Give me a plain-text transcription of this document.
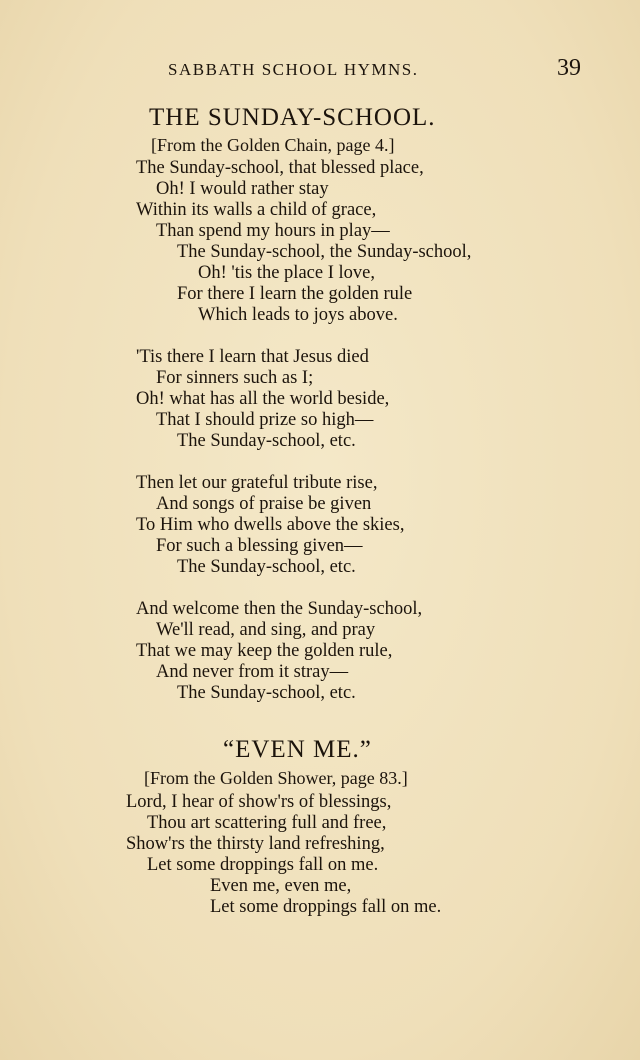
SABBATH SCHOOL HYMNS.	39
THE SUNDAY-SCHOOL.
[From the Golden Chain, page 4.]
The Sunday-school, that blessed place,
Oh! I would rather stay
Within its walls a child of grace,
Than spend my hours in play—
The Sunday-school, the Sunday-school,
Oh! 'tis the place I love,
For there I learn the golden rule
Which leads to joys above.
'Tis there I learn that Jesus died
For sinners such as I;
Oh! what has all the world beside,
That I should prize so high—
The Sunday-school, etc.
Then let our grateful tribute rise,
And songs of praise be given
To Him who dwells above the skies,
For such a blessing given—
The Sunday-school, etc.
And welcome then the Sunday-school,
We'll read, and sing, and pray
That we may keep the golden rule,
And never from it stray—
The Sunday-school, etc.
“EVEN ME.”
[From the Golden Shower, page 83.]
Lord, I hear of show'rs of blessings,
Thou art scattering full and free,
Show'rs the thirsty land refreshing,
Let some droppings fall on me.
Even me, even me,
Let some droppings fall on me.
